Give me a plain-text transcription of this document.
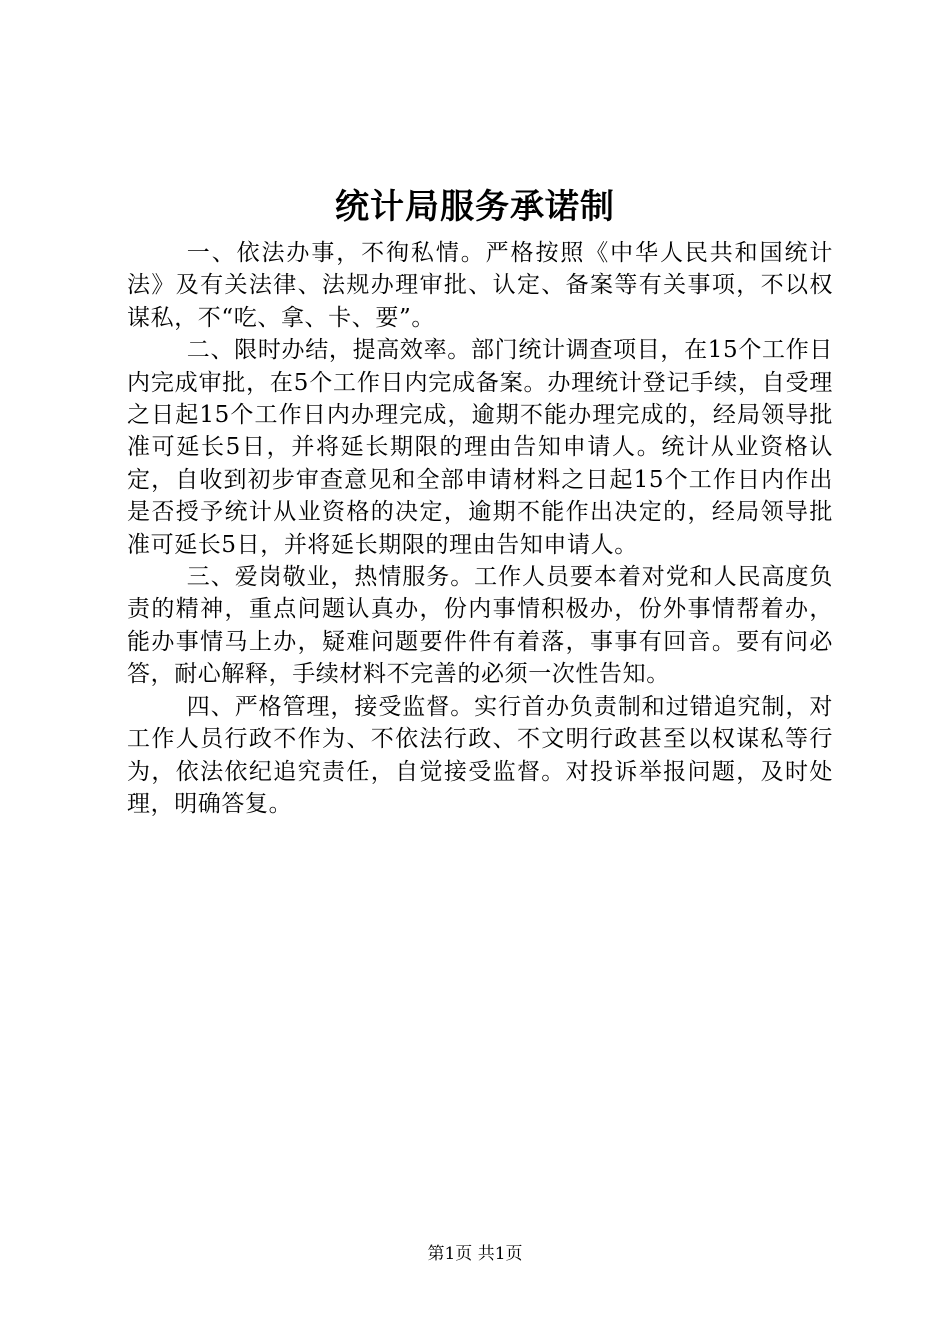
统计局服务承诺制

一、依法办事，不徇私情。严格按照《中华人民共和国统计法》及有关法律、法规办理审批、认定、备案等有关事项，不以权谋私，不“吃、拿、卡、要”。

二、限时办结，提高效率。部门统计调查项目，在15个工作日内完成审批，在5个工作日内完成备案。办理统计登记手续，自受理之日起15个工作日内办理完成，逾期不能办理完成的，经局领导批准可延长5日，并将延长期限的理由告知申请人。统计从业资格认定，自收到初步审查意见和全部申请材料之日起15个工作日内作出是否授予统计从业资格的决定，逾期不能作出决定的，经局领导批准可延长5日，并将延长期限的理由告知申请人。

三、爱岗敬业，热情服务。工作人员要本着对党和人民高度负责的精神，重点问题认真办，份内事情积极办，份外事情帮着办，能办事情马上办，疑难问题要件件有着落，事事有回音。要有问必答，耐心解释，手续材料不完善的必须一次性告知。

四、严格管理，接受监督。实行首办负责制和过错追究制，对工作人员行政不作为、不依法行政、不文明行政甚至以权谋私等行为，依法依纪追究责任，自觉接受监督。对投诉举报问题，及时处理，明确答复。

第1页 共1页
